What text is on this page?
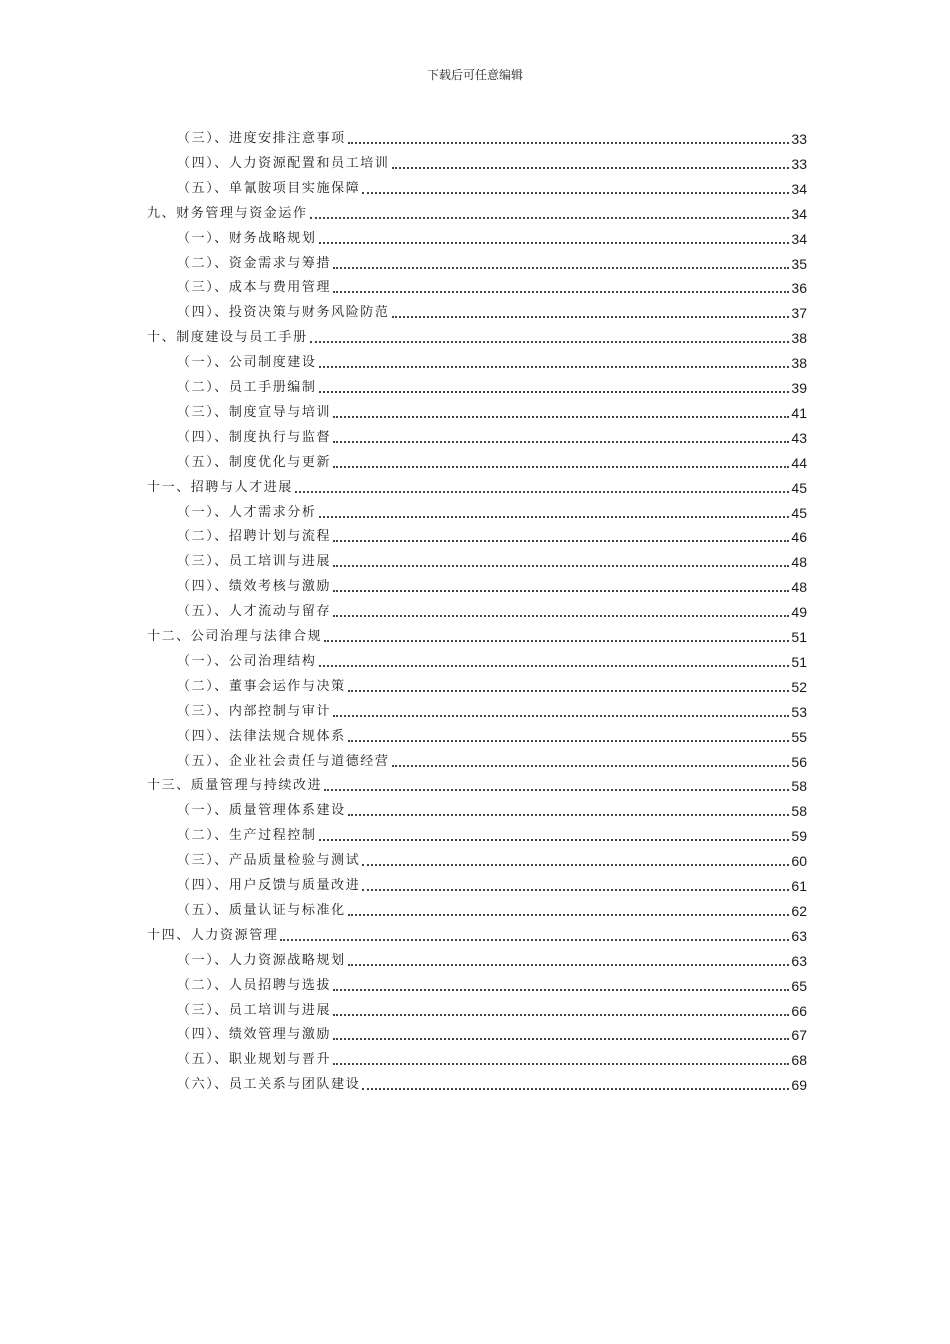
下载后可任意编辑
（三）、进度安排注意事项	33
（四）、人力资源配置和员工培训	33
（五）、单氰胺项目实施保障	34
九、财务管理与资金运作	34
（一）、财务战略规划	34
（二）、资金需求与筹措	35
（三）、成本与费用管理	36
（四）、投资决策与财务风险防范	37
十、制度建设与员工手册	38
（一）、公司制度建设	38
（二）、员工手册编制	39
（三）、制度宣导与培训	41
（四）、制度执行与监督	43
（五）、制度优化与更新	44
十一、招聘与人才进展	45
（一）、人才需求分析	45
（二）、招聘计划与流程	46
（三）、员工培训与进展	48
（四）、绩效考核与激励	48
（五）、人才流动与留存	49
十二、公司治理与法律合规	51
（一）、公司治理结构	51
（二）、董事会运作与决策	52
（三）、内部控制与审计	53
（四）、法律法规合规体系	55
（五）、企业社会责任与道德经营	56
十三、质量管理与持续改进	58
（一）、质量管理体系建设	58
（二）、生产过程控制	59
（三）、产品质量检验与测试	60
（四）、用户反馈与质量改进	61
（五）、质量认证与标准化	62
十四、人力资源管理	63
（一）、人力资源战略规划	63
（二）、人员招聘与选拔	65
（三）、员工培训与进展	66
（四）、绩效管理与激励	67
（五）、职业规划与晋升	68
（六）、员工关系与团队建设	69
